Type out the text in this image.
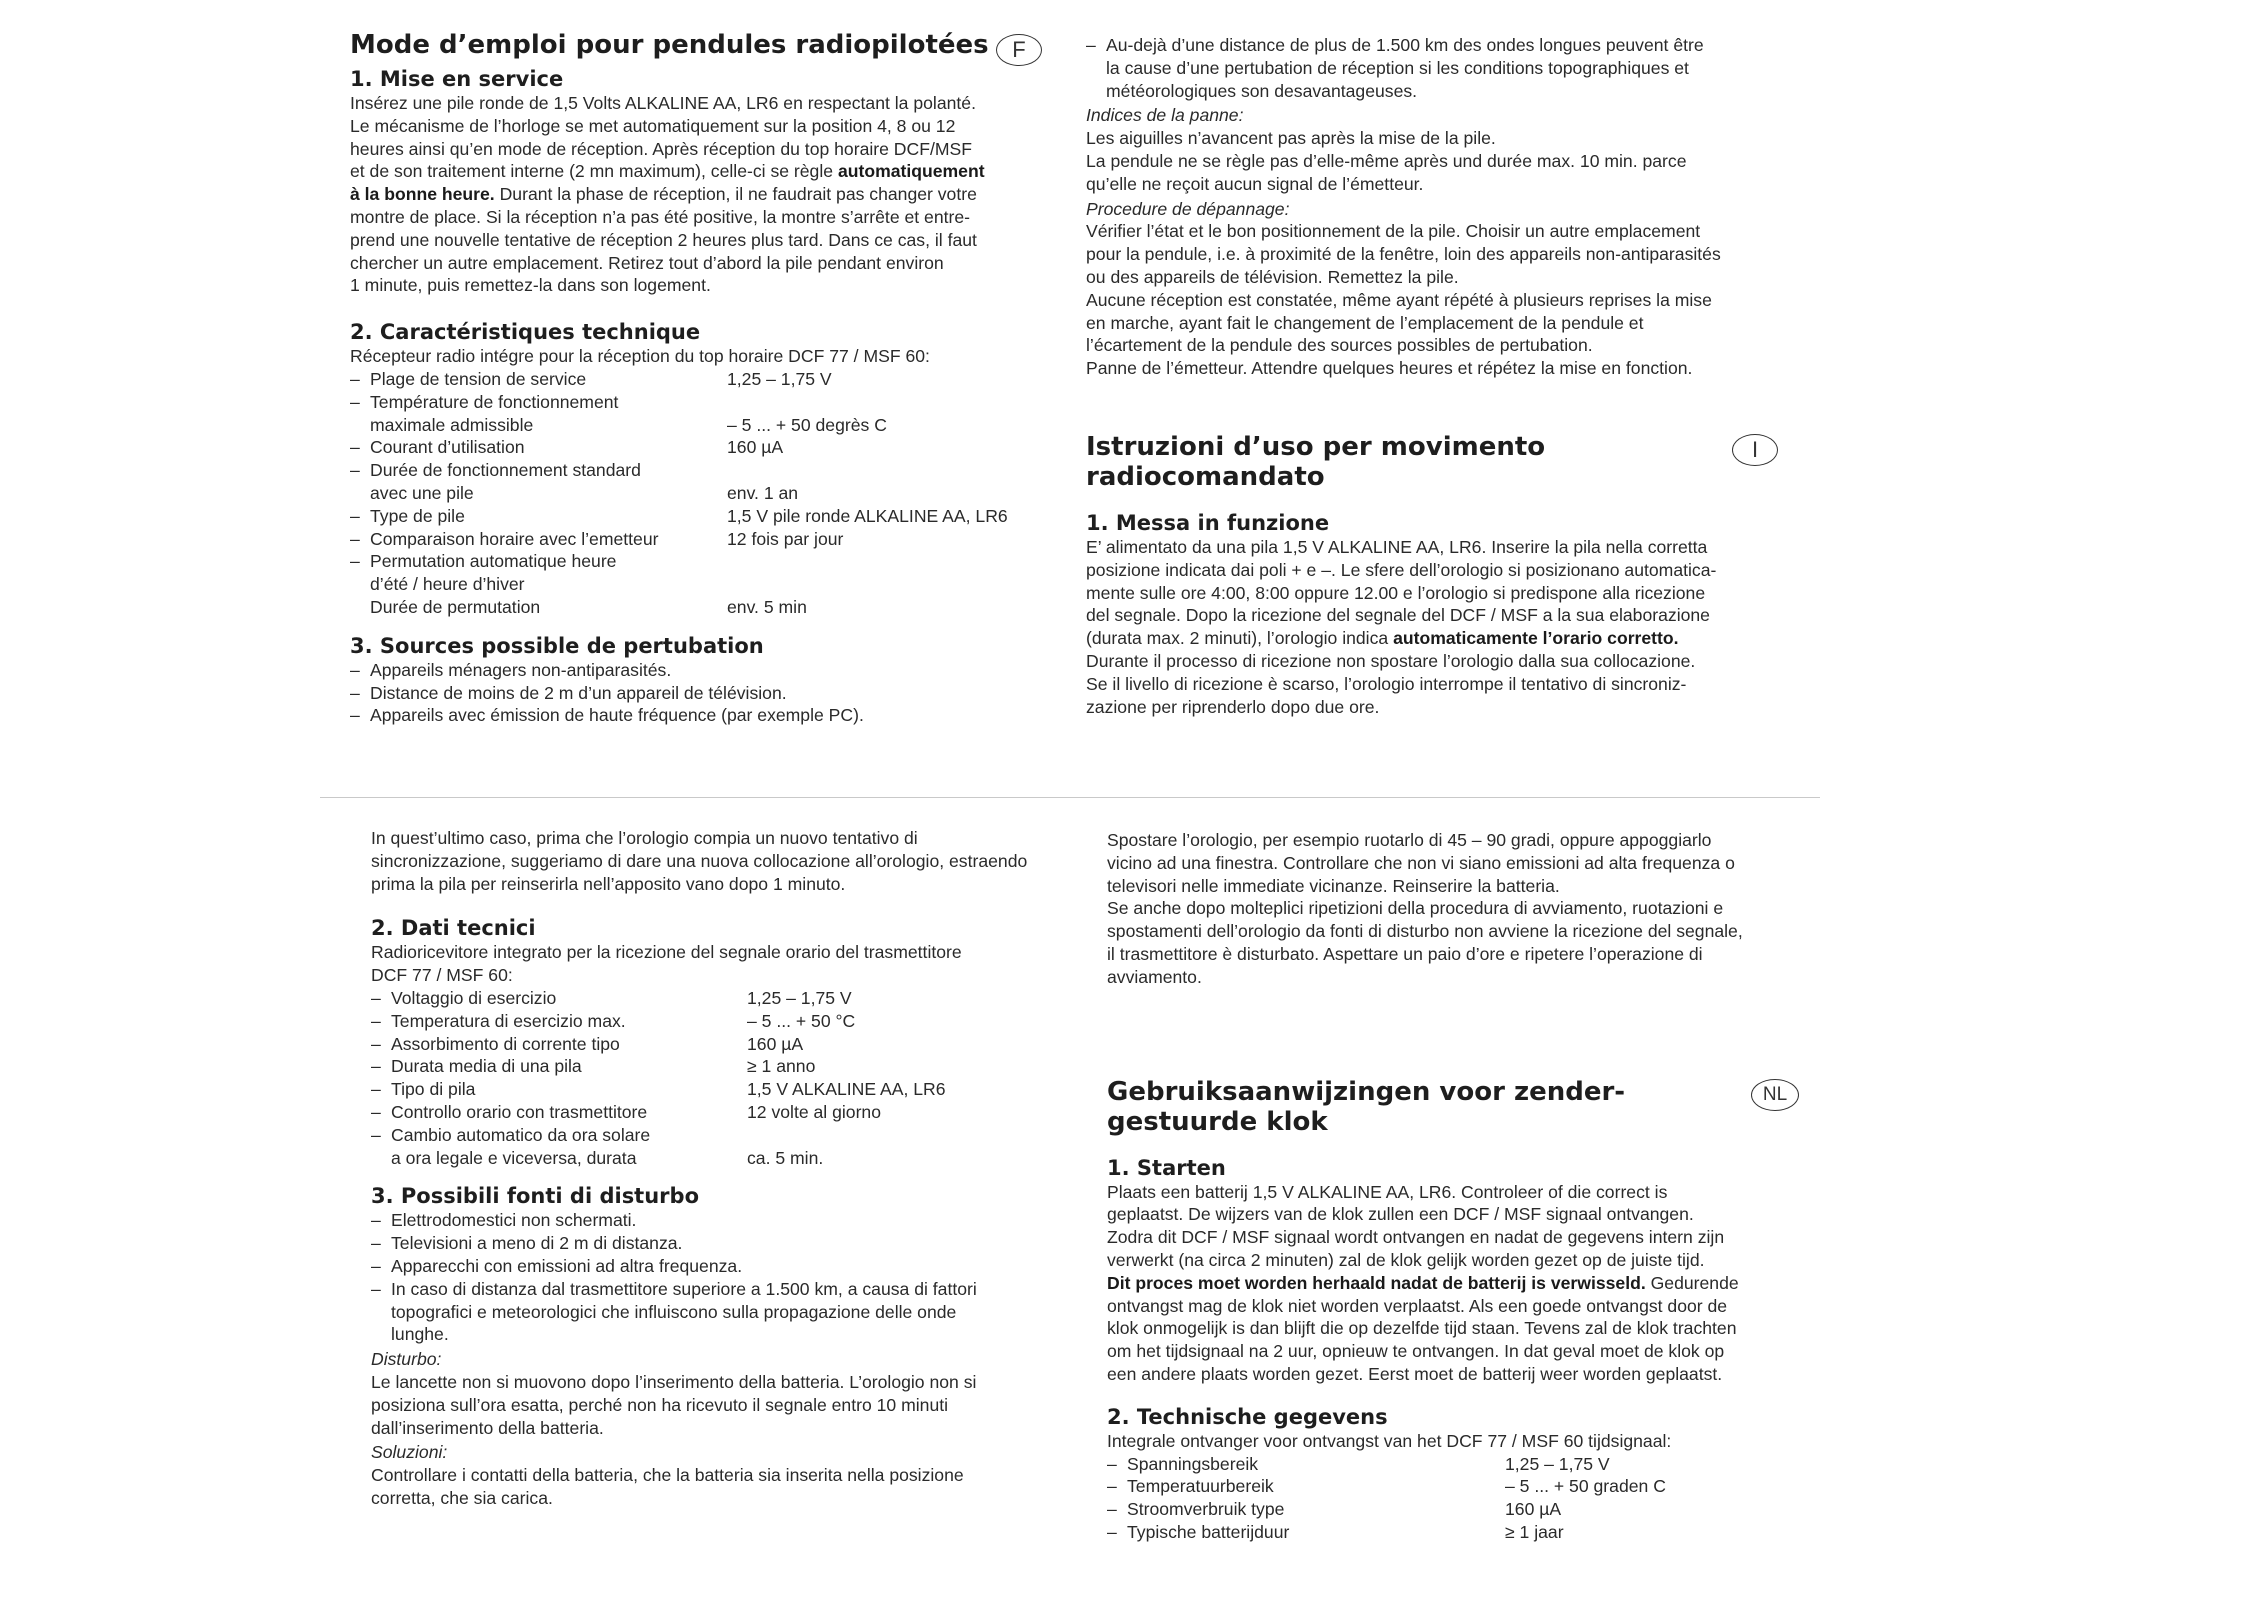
Mode d’emploi pour pendules radiopilotées	F
1. Mise en service

Insérez une pile ronde de 1,5 Volts ALKALINE AA, LR6 en respectant la polanté.

Le mécanisme de l’horloge se met automatiquement sur la position 4, 8 ou 12

heures ainsi qu’en mode de réception. Après réception du top horaire DCF/MSF

et de son traitement interne (2 mn maximum), celle-ci se règle automatiquement

à la bonne heure. Durant la phase de réception, il ne faudrait pas changer votre

montre de place. Si la réception n’a pas été positive, la montre s’arrête et entre-

prend une nouvelle tentative de réception 2 heures plus tard. Dans ce cas, il faut

chercher un autre emplacement. Retirez tout d’abord la pile pendant environ

1 minute, puis remettez-la dans son logement.

2. Caractéristiques technique

Récepteur radio intégre pour la réception du top horaire DCF 77 / MSF 60:

– Plage de tension de service	1,25 – 1,75 V
– Température de fonctionnement
maximale admissible	– 5 ... + 50 degrès C
– Courant d’utilisation	160 µA
– Durée de fonctionnement standard
avec une pile	env. 1 an
– Type de pile	1,5 V pile ronde ALKALINE AA, LR6
– Comparaison horaire avec l’emetteur	12 fois par jour
– Permutation automatique heure
d’été / heure d’hiver
Durée de permutation	env. 5 min
3. Sources possible de pertubation
– Appareils ménagers non-antiparasités.
– Distance de moins de 2 m d’un appareil de télévision.
– Appareils avec émission de haute fréquence (par exemple PC).
– Au-dejà d’une distance de plus de 1.500 km des ondes longues peuvent être

la cause d’une pertubation de réception si les conditions topographiques et

météorologiques son desavantageuses.

Indices de la panne:

Les aiguilles n’avancent pas après la mise de la pile.

La pendule ne se règle pas d’elle-même après und durée max. 10 min. parce

qu’elle ne reçoit aucun signal de l’émetteur.

Procedure de dépannage:

Vérifier l’état et le bon positionnement de la pile. Choisir un autre emplacement

pour la pendule, i.e. à proximité de la fenêtre, loin des appareils non-antiparasités

ou des appareils de télévision. Remettez la pile.

Aucune réception est constatée, même ayant répété à plusieurs reprises la mise

en marche, ayant fait le changement de l’emplacement de la pendule et

l’écartement de la pendule des sources possibles de pertubation.

Panne de l’émetteur. Attendre quelques heures et répétez la mise en fonction.

Istruzioni d’uso per movimento
radiocomandato
I
1. Messa in funzione

E’ alimentato da una pila 1,5 V ALKALINE AA, LR6. Inserire la pila nella corretta

posizione indicata dai poli + e –. Le sfere dell’orologio si posizionano automatica-

mente sulle ore 4:00, 8:00 oppure 12.00 e l’orologio si predispone alla ricezione

del segnale. Dopo la ricezione del segnale del DCF / MSF a la sua elaborazione

(durata max. 2 minuti), l’orologio indica automaticamente l’orario corretto.

Durante il processo di ricezione non spostare l’orologio dalla sua collocazione.

Se il livello di ricezione è scarso, l’orologio interrompe il tentativo di sincroniz-

zazione per riprenderlo dopo due ore.

In quest’ultimo caso, prima che l’orologio compia un nuovo tentativo di

sincronizzazione, suggeriamo di dare una nuova collocazione all’orologio, estraendo

prima la pila per reinserirla nell’apposito vano dopo 1 minuto.

2. Dati tecnici

Radioricevitore integrato per la ricezione del segnale orario del trasmettitore

DCF 77 / MSF 60:

– Voltaggio di esercizio	1,25 – 1,75 V
– Temperatura di esercizio max.	– 5 ... + 50 °C
– Assorbimento di corrente tipo	160 µA
– Durata media di una pila	≥ 1 anno
– Tipo di pila	1,5 V ALKALINE AA, LR6
– Controllo orario con trasmettitore	12 volte al giorno
– Cambio automatico da ora solare
a ora legale e viceversa, durata	ca. 5 min.
3. Possibili fonti di disturbo
– Elettrodomestici non schermati.
– Televisioni a meno di 2 m di distanza.
– Apparecchi con emissioni ad altra frequenza.
– In caso di distanza dal trasmettitore superiore a 1.500 km, a causa di fattori

topografici e meteorologici che influiscono sulla propagazione delle onde

lunghe.

Disturbo:

Le lancette non si muovono dopo l’inserimento della batteria. L’orologio non si

posiziona sull’ora esatta, perché non ha ricevuto il segnale entro 10 minuti

dall’inserimento della batteria.

Soluzioni:

Controllare i contatti della batteria, che la batteria sia inserita nella posizione

corretta, che sia carica.

Spostare l’orologio, per esempio ruotarlo di 45 – 90 gradi, oppure appoggiarlo

vicino ad una finestra. Controllare che non vi siano emissioni ad alta frequenza o

televisori nelle immediate vicinanze. Reinserire la batteria.

Se anche dopo molteplici ripetizioni della procedura di avviamento, ruotazioni e

spostamenti dell’orologio da fonti di disturbo non avviene la ricezione del segnale,

il trasmettitore è disturbato. Aspettare un paio d’ore e ripetere l’operazione di

avviamento.

Gebruiksaanwijzingen voor zender-
gestuurde klok
NL
1. Starten

Plaats een batterij 1,5 V ALKALINE AA, LR6. Controleer of die correct is

geplaatst. De wijzers van de klok zullen een DCF / MSF signaal ontvangen.

Zodra dit DCF / MSF signaal wordt ontvangen en nadat de gegevens intern zijn

verwerkt (na circa 2 minuten) zal de klok gelijk worden gezet op de juiste tijd.

Dit proces moet worden herhaald nadat de batterij is verwisseld. Gedurende

ontvangst mag de klok niet worden verplaatst. Als een goede ontvangst door de

klok onmogelijk is dan blijft die op dezelfde tijd staan. Tevens zal de klok trachten

om het tijdsignaal na 2 uur, opnieuw te ontvangen. In dat geval moet de klok op

een andere plaats worden gezet. Eerst moet de batterij weer worden geplaatst.

2. Technische gegevens

Integrale ontvanger voor ontvangst van het DCF 77 / MSF 60 tijdsignaal:

– Spanningsbereik	1,25 – 1,75 V
– Temperatuurbereik	– 5 ... + 50 graden C
– Stroomverbruik type	160 µA
– Typische batterijduur	≥ 1 jaar
